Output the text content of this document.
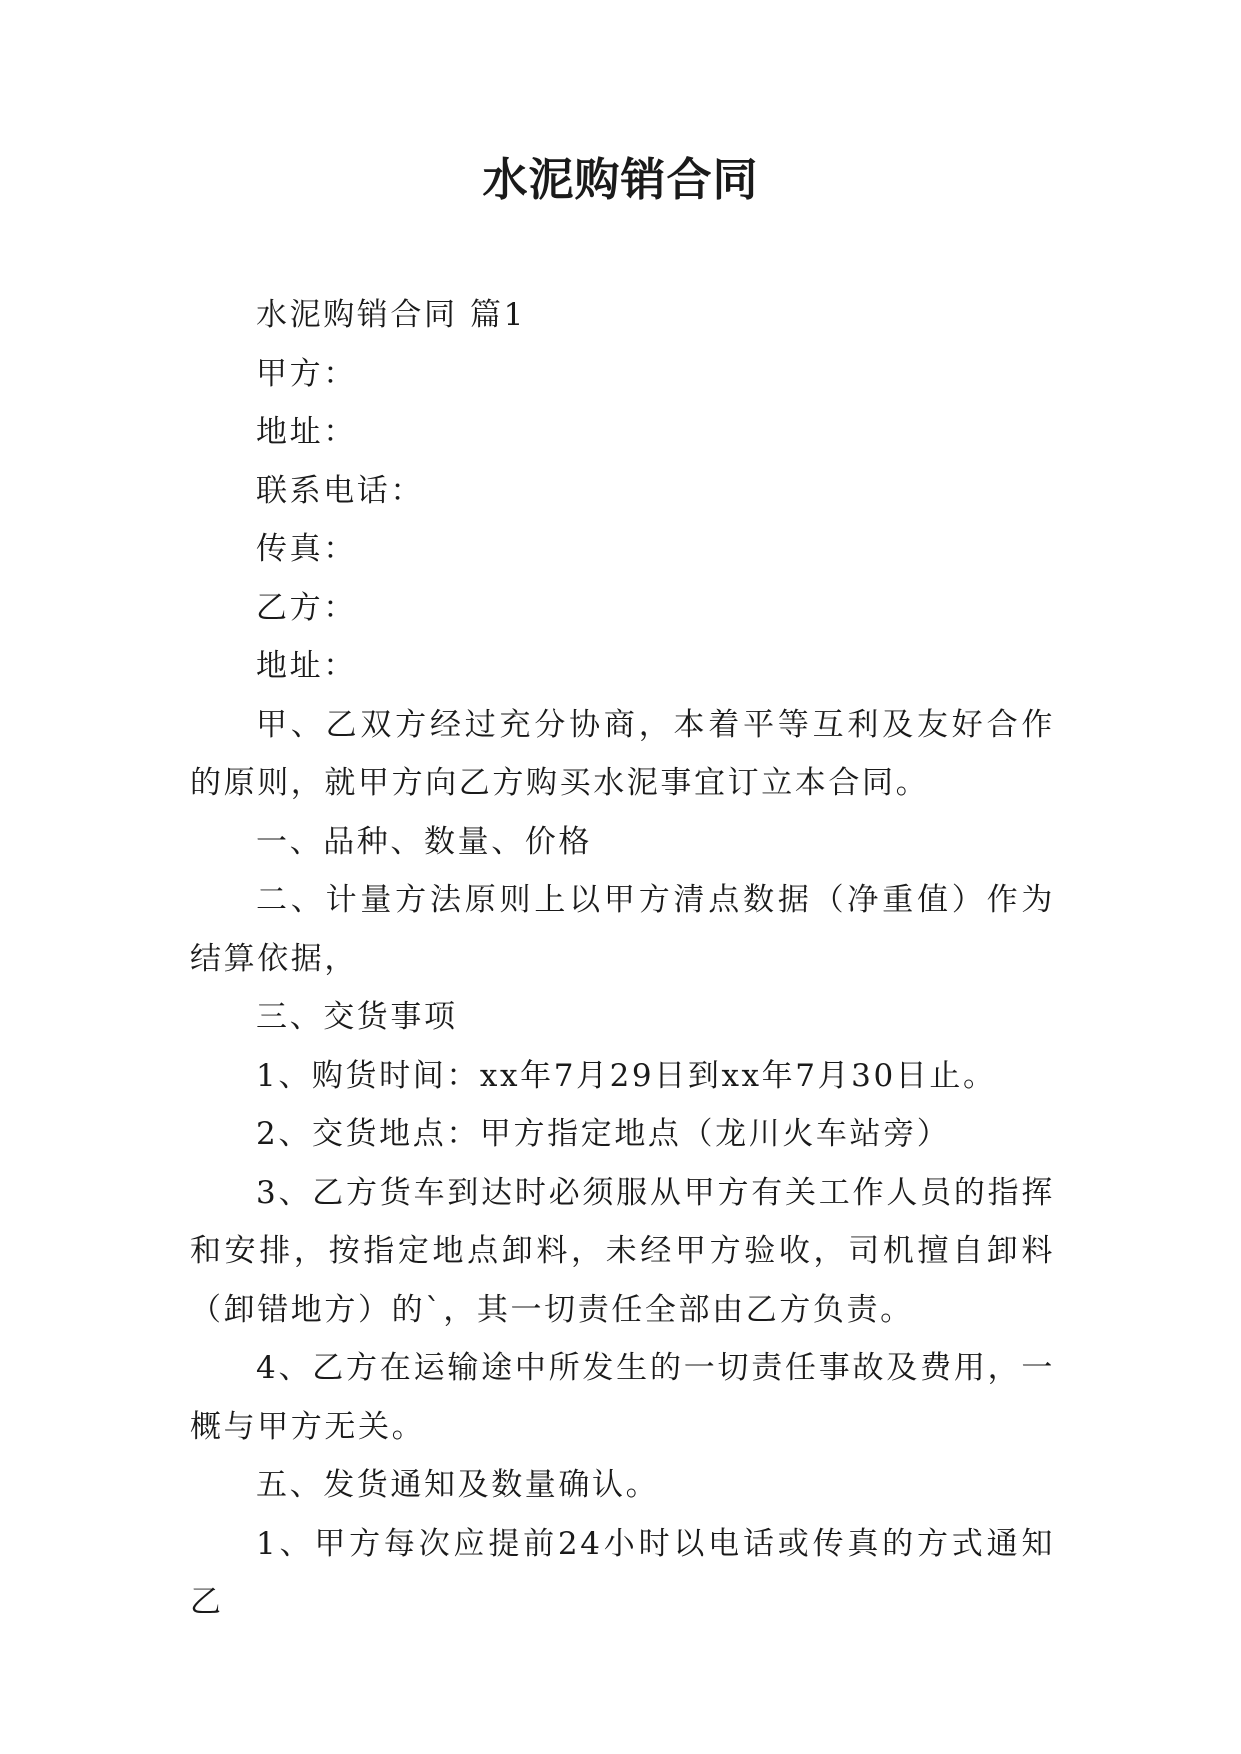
水泥购销合同

水泥购销合同 篇1

甲方：

地址：

联系电话：

传真：

乙方：

地址：

甲、乙双方经过充分协商，本着平等互利及友好合作的原则，就甲方向乙方购买水泥事宜订立本合同。

一、品种、数量、价格

二、计量方法原则上以甲方清点数据（净重值）作为结算依据，

三、交货事项

1、购货时间：xx年7月29日到xx年7月30日止。

2、交货地点：甲方指定地点（龙川火车站旁）

3、乙方货车到达时必须服从甲方有关工作人员的指挥和安排，按指定地点卸料，未经甲方验收，司机擅自卸料（卸错地方）的`，其一切责任全部由乙方负责。

4、乙方在运输途中所发生的一切责任事故及费用，一概与甲方无关。

五、发货通知及数量确认。

1、甲方每次应提前24小时以电话或传真的方式通知乙
